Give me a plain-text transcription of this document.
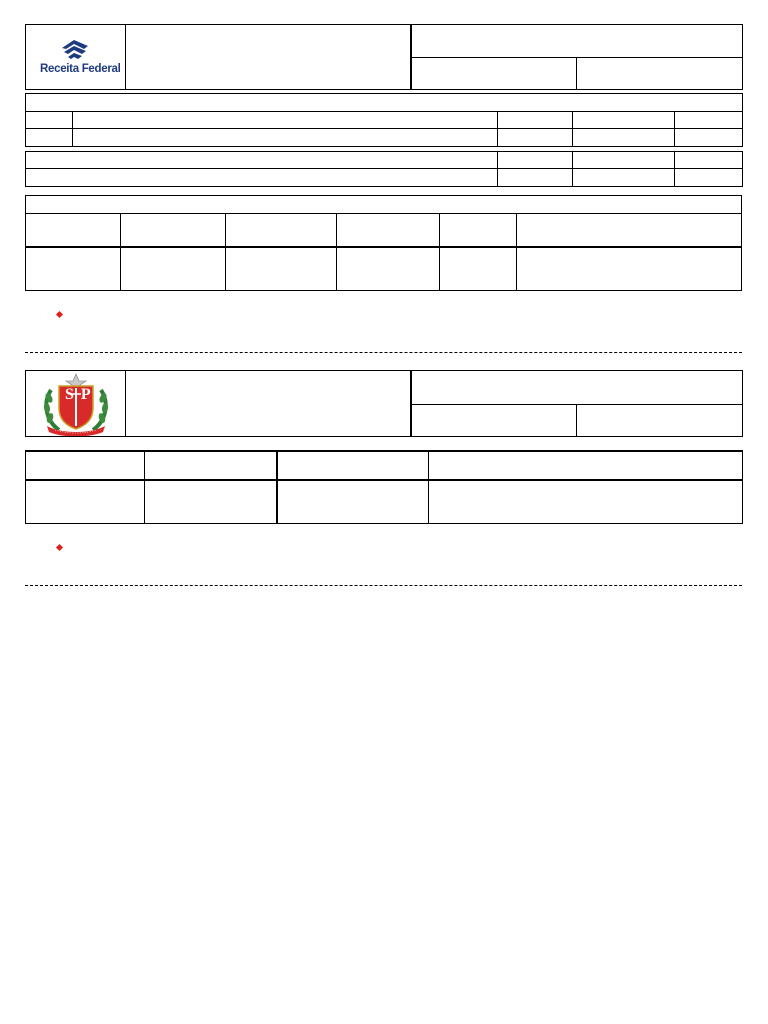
Receita Federal
SP
